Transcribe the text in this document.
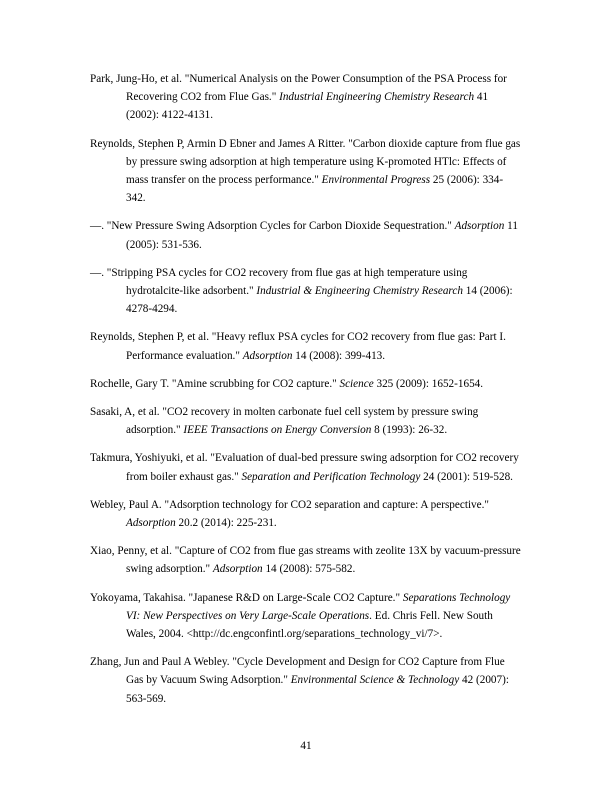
Park, Jung-Ho, et al. "Numerical Analysis on the Power Consumption of the PSA Process for Recovering CO2 from Flue Gas." Industrial Engineering Chemistry Research 41 (2002): 4122-4131.

Reynolds, Stephen P, Armin D Ebner and James A Ritter. "Carbon dioxide capture from flue gas by pressure swing adsorption at high temperature using K-promoted HTlc: Effects of mass transfer on the process performance." Environmental Progress 25 (2006): 334-342.

—. "New Pressure Swing Adsorption Cycles for Carbon Dioxide Sequestration." Adsorption 11 (2005): 531-536.

—. "Stripping PSA cycles for CO2 recovery from flue gas at high temperature using hydrotalcite-like adsorbent." Industrial & Engineering Chemistry Research 14 (2006): 4278-4294.

Reynolds, Stephen P, et al. "Heavy reflux PSA cycles for CO2 recovery from flue gas: Part I. Performance evaluation." Adsorption 14 (2008): 399-413.

Rochelle, Gary T. "Amine scrubbing for CO2 capture." Science 325 (2009): 1652-1654.

Sasaki, A, et al. "CO2 recovery in molten carbonate fuel cell system by pressure swing adsorption." IEEE Transactions on Energy Conversion 8 (1993): 26-32.

Takmura, Yoshiyuki, et al. "Evaluation of dual-bed pressure swing adsorption for CO2 recovery from boiler exhaust gas." Separation and Perification Technology 24 (2001): 519-528.

Webley, Paul A. "Adsorption technology for CO2 separation and capture: A perspective." Adsorption 20.2 (2014): 225-231.

Xiao, Penny, et al. "Capture of CO2 from flue gas streams with zeolite 13X by vacuum-pressure swing adsorption." Adsorption 14 (2008): 575-582.

Yokoyama, Takahisa. "Japanese R&D on Large-Scale CO2 Capture." Separations Technology VI: New Perspectives on Very Large-Scale Operations. Ed. Chris Fell. New South Wales, 2004. <http://dc.engconfintl.org/separations_technology_vi/7>.

Zhang, Jun and Paul A Webley. "Cycle Development and Design for CO2 Capture from Flue Gas by Vacuum Swing Adsorption." Environmental Science & Technology 42 (2007): 563-569.

41
